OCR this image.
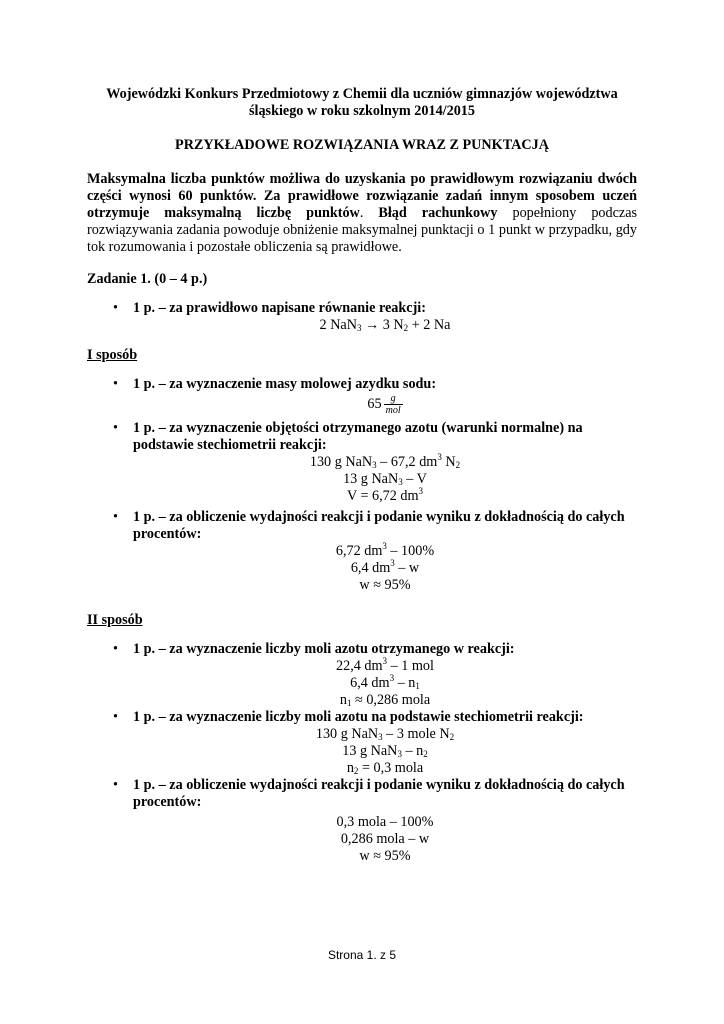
Wojewódzki Konkurs Przedmiotowy z Chemii dla uczniów gimnazjów województwa
śląskiego w roku szkolnym 2014/2015
PRZYKŁADOWE ROZWIĄZANIA WRAZ Z PUNKTACJĄ
Maksymalna liczba punktów możliwa do uzyskania po prawidłowym rozwiązaniu dwóch części wynosi 60 punktów. Za prawidłowe rozwiązanie zadań innym sposobem uczeń otrzymuje maksymalną liczbę punktów. Błąd rachunkowy popełniony podczas rozwiązywania zadania powoduje obniżenie maksymalnej punktacji o 1 punkt w przypadku, gdy tok rozumowania i pozostałe obliczenia są prawidłowe.
Zadanie 1. (0 – 4 p.)
• 1 p. – za prawidłowo napisane równanie reakcji:
2 NaN$_3$ → 3 $N_2 + 2$ Na
I sposób
• 1 p. – za wyznaczenie masy molowej azydku sodu:
$65 \frac{g}{\text{mol}}$
• 1 p. – za wyznaczenie objętości otrzymanego azotu (warunki normalne) na podstawie stechiometrii reakcji:
130 g NaN$_3$ – 67,2 $dm^3$ $N_2$
13 g NaN$_3$ – V
V = 6,72 $dm^3$
• 1 p. – za obliczenie wydajności reakcji i podanie wyniku z dokładnością do całych procentów:
6,72 $dm^3 - 100\%$
6,4 $dm^3$ – w
w ≈ 95%
II sposób
• 1 p. – za wyznaczenie liczby moli azotu otrzymanego w reakcji:
22,4 $dm^3 - 1$ mol
6,4 $dm^3 - n_1$
$n_1 \approx 0,286$ mola
• 1 p. – za wyznaczenie liczby moli azotu na podstawie stechiometrii reakcji:
130 g NaN$_3$ – 3 mole $N_2$
13 g $NaN_3 - n_2$
$n_2 = 0,3$ mola
• 1 p. – za obliczenie wydajności reakcji i podanie wyniku z dokładnością do całych procentów:
0,3 mola – 100%
0,286 mola – w
w ≈ 95%
Strona 1. z 5
